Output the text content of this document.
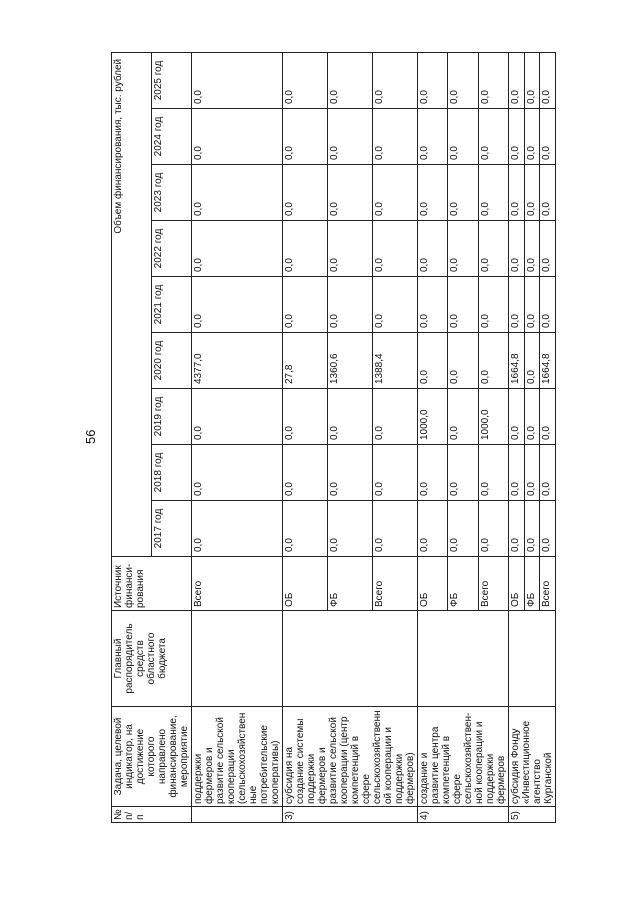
56
№ п/п	Задача, целевой индикатор, на достижение которого направлено финансирование, мероприятие	Главный распорядитель средств областного бюджета	Источник финанси-рования	Объем финансирования, тыс. рублей								
				2017 год	2018 год	2019 год	2020 год	2021 год	2022 год	2023 год	2024 год	2025 год
	поддержки фермеров и развитие сельской кооперации (сельскохозяйствен ные потребительские кооперативы)		Всего	0,0	0,0	0,0	4377,0	0,0	0,0	0,0	0,0	0,0
3)	субсидия на создание системы поддержки фермеров и развитие сельской кооперации (центр компетенций в сфере сельскохозяйственн ой кооперации и поддержки фермеров)		ОБ	0,0	0,0	0,0	27,8	0,0	0,0	0,0	0,0	0,0
			ФБ	0,0	0,0	0,0	1360,6	0,0	0,0	0,0	0,0	0,0
			Всего	0,0	0,0	0,0	1388,4	0,0	0,0	0,0	0,0	0,0
4)	создание и развитие центра компетенций в сфере сельскохозяйствен-ной кооперации и поддержки фермеров		ОБ	0,0	0,0	1000,0	0,0	0,0	0,0	0,0	0,0	0,0
			ФБ	0,0	0,0	0,0	0,0	0,0	0,0	0,0	0,0	0,0
			Всего	0,0	0,0	1000,0	0,0	0,0	0,0	0,0	0,0	0,0
5)	субсидия Фонду «Инвестиционное агентство Курганской		ОБ	0,0	0,0	0,0	1664,8	0,0	0,0	0,0	0,0	0,0
			ФБ	0,0	0,0	0,0	0,0	0,0	0,0	0,0	0,0	0,0
			Всего	0,0	0,0	0,0	1664,8	0,0	0,0	0,0	0,0	0,0
